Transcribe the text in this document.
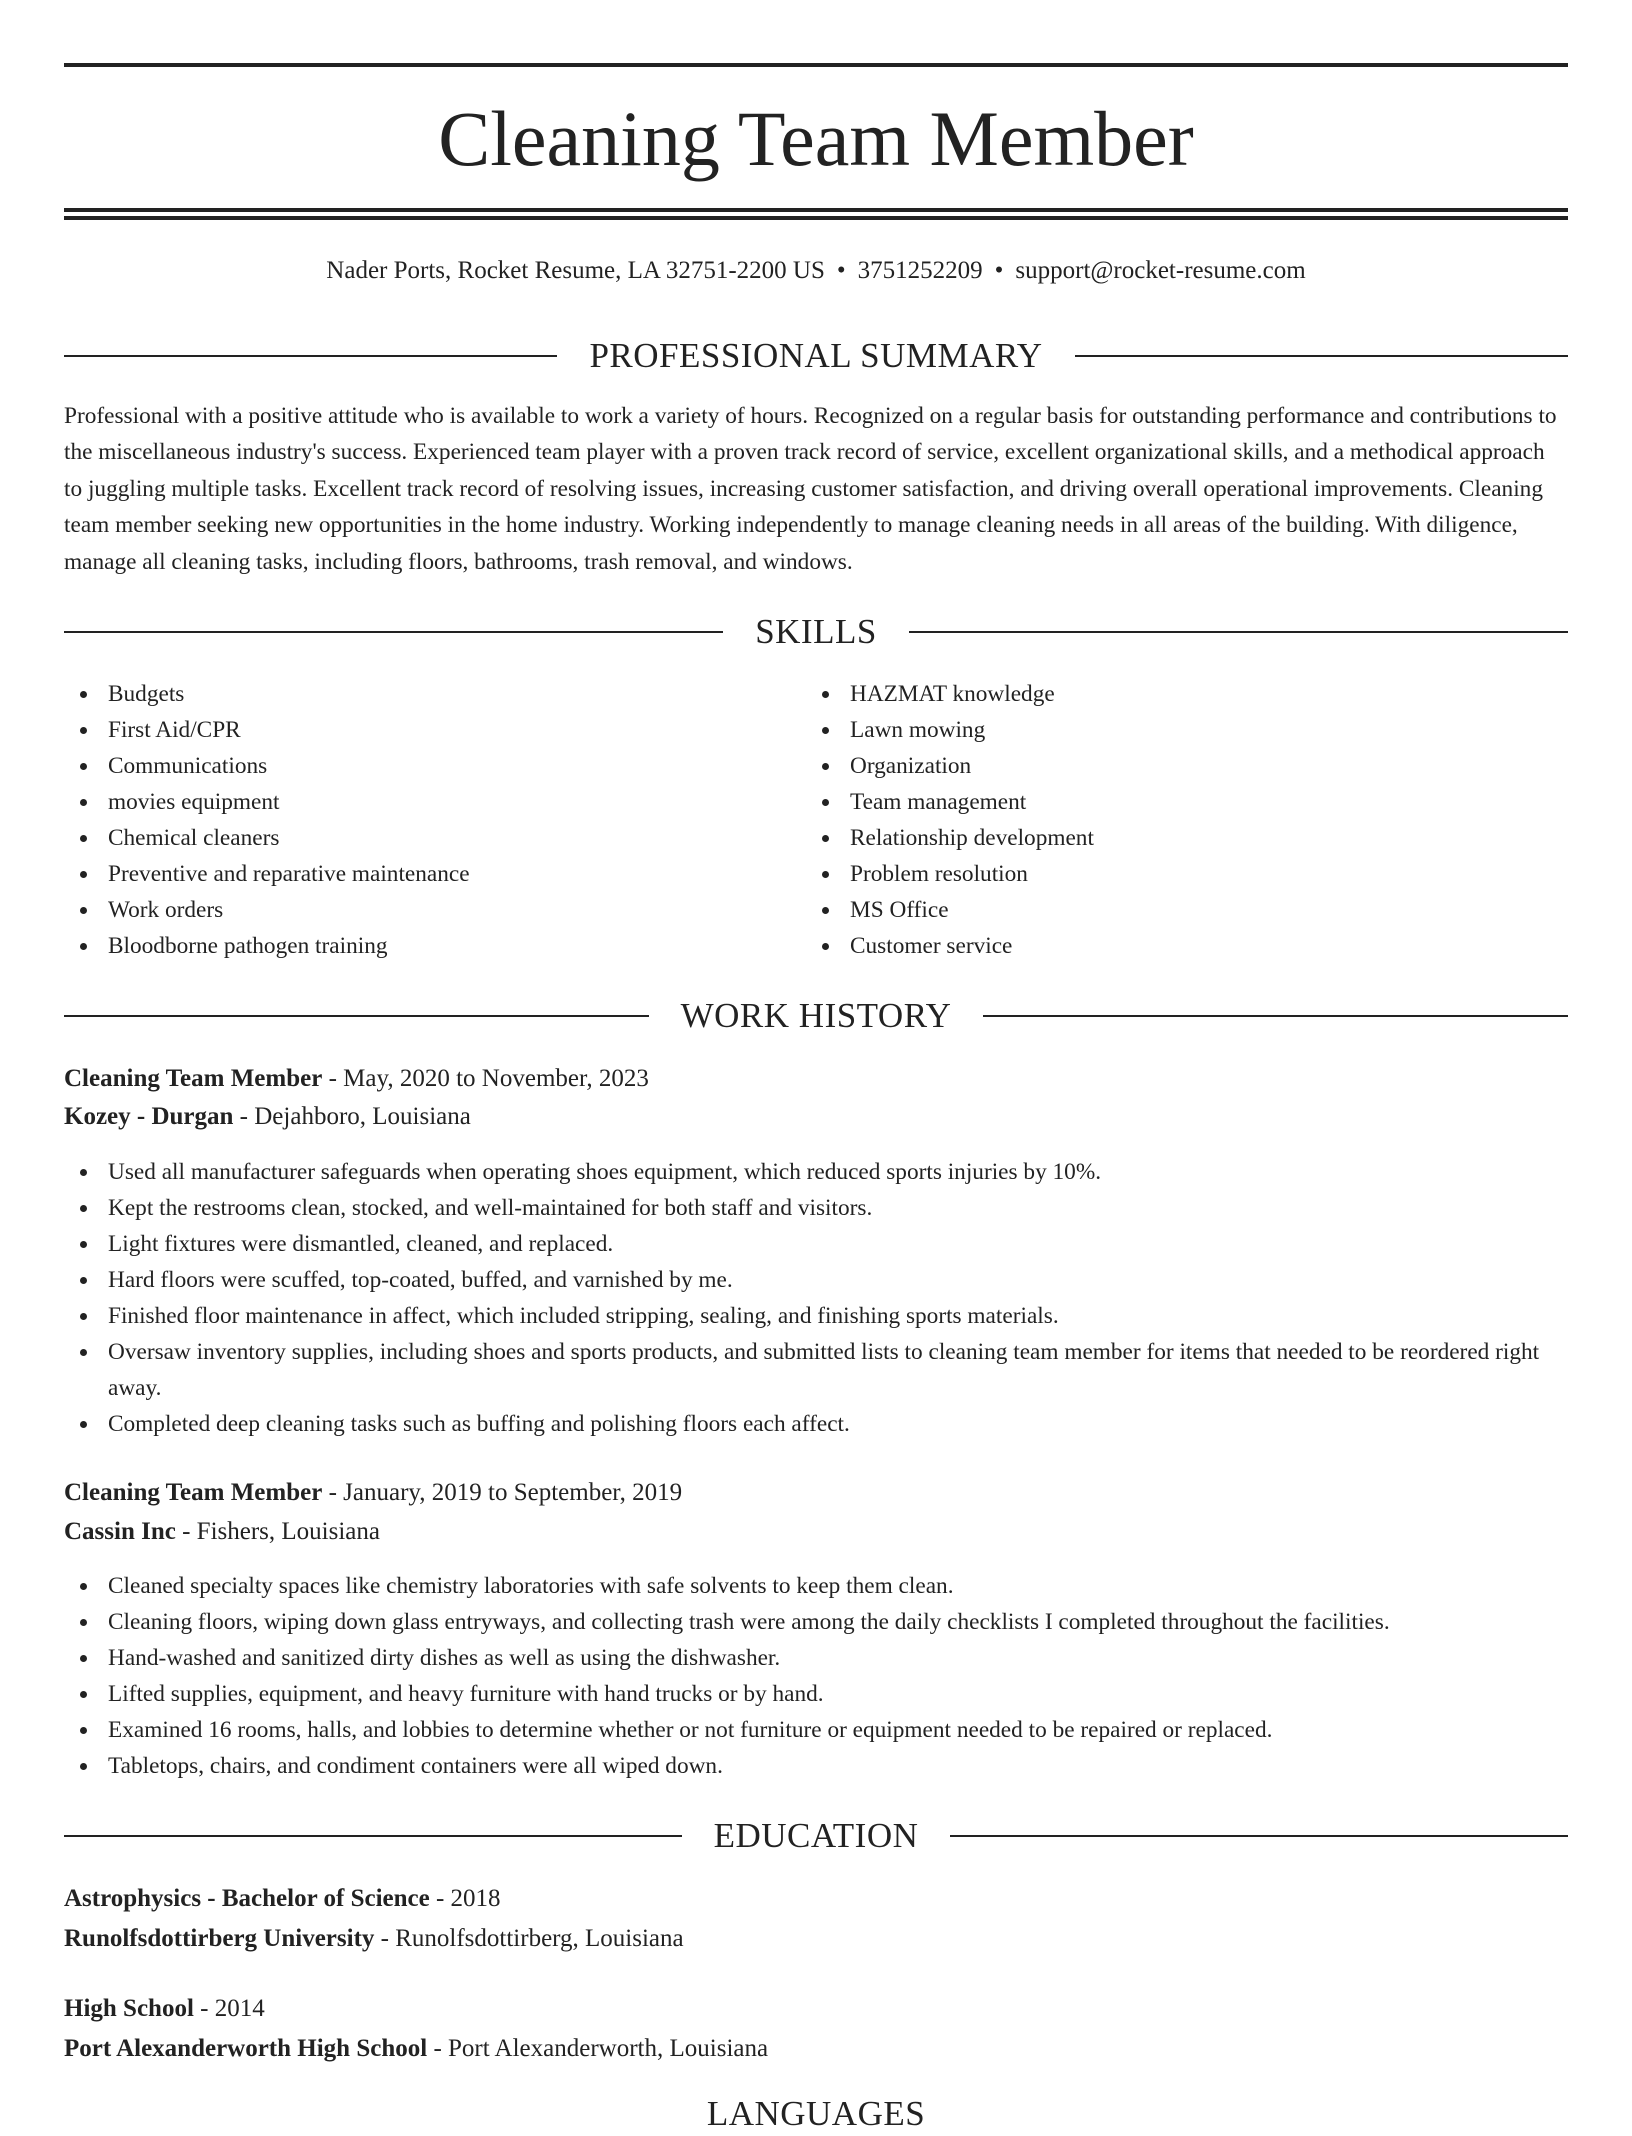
Cleaning Team Member
Nader Ports, Rocket Resume, LA 32751-2200 US • 3751252209 • support@rocket-resume.com
PROFESSIONAL SUMMARY

Professional with a positive attitude who is available to work a variety of hours. Recognized on a regular basis for outstanding performance and contributions to the miscellaneous industry's success. Experienced team player with a proven track record of service, excellent organizational skills, and a methodical approach to juggling multiple tasks. Excellent track record of resolving issues, increasing customer satisfaction, and driving overall operational improvements. Cleaning team member seeking new opportunities in the home industry. Working independently to manage cleaning needs in all areas of the building. With diligence, manage all cleaning tasks, including floors, bathrooms, trash removal, and windows.

SKILLS
Budgets
First Aid/CPR
Communications
movies equipment
Chemical cleaners
Preventive and reparative maintenance
Work orders
Bloodborne pathogen training
HAZMAT knowledge
Lawn mowing
Organization
Team management
Relationship development
Problem resolution
MS Office
Customer service
WORK HISTORY
Cleaning Team Member - May, 2020 to November, 2023
Kozey - Durgan - Dejahboro, Louisiana
Used all manufacturer safeguards when operating shoes equipment, which reduced sports injuries by 10%.
Kept the restrooms clean, stocked, and well-maintained for both staff and visitors.
Light fixtures were dismantled, cleaned, and replaced.
Hard floors were scuffed, top-coated, buffed, and varnished by me.
Finished floor maintenance in affect, which included stripping, sealing, and finishing sports materials.
Oversaw inventory supplies, including shoes and sports products, and submitted lists to cleaning team member for items that needed to be reordered right away.
Completed deep cleaning tasks such as buffing and polishing floors each affect.
Cleaning Team Member - January, 2019 to September, 2019
Cassin Inc - Fishers, Louisiana
Cleaned specialty spaces like chemistry laboratories with safe solvents to keep them clean.
Cleaning floors, wiping down glass entryways, and collecting trash were among the daily checklists I completed throughout the facilities.
Hand-washed and sanitized dirty dishes as well as using the dishwasher.
Lifted supplies, equipment, and heavy furniture with hand trucks or by hand.
Examined 16 rooms, halls, and lobbies to determine whether or not furniture or equipment needed to be repaired or replaced.
Tabletops, chairs, and condiment containers were all wiped down.
EDUCATION
Astrophysics - Bachelor of Science - 2018
Runolfsdottirberg University - Runolfsdottirberg, Louisiana
High School - 2014
Port Alexanderworth High School - Port Alexanderworth, Louisiana
LANGUAGES
